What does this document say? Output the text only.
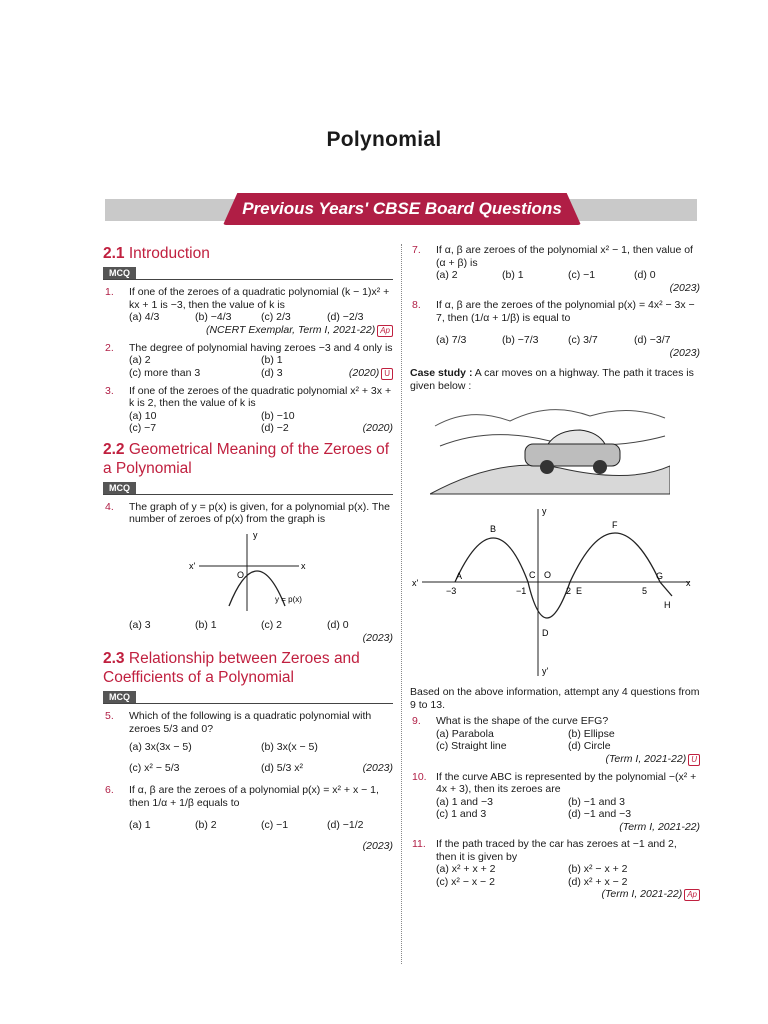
Polynomial
Previous Years' CBSE Board Questions
2.1 Introduction
MCQ
1. If one of the zeroes of a quadratic polynomial (k − 1)x² + kx + 1 is −3, then the value of k is
(a) 4/3	(b) −4/3	(c) 2/3	(d) −2/3
(NCERT Exemplar, Term I, 2021-22) Ap
2. The degree of polynomial having zeroes −3 and 4 only is
(a) 2	(b) 1
(c) more than 3	(d) 3	(2020) U
3. If one of the zeroes of the quadratic polynomial x² + 3x + k is 2, then the value of k is
(a) 10	(b) −10
(c) −7	(d) −2	(2020)
2.2 Geometrical Meaning of the Zeroes of a Polynomial
MCQ
4. The graph of y = p(x) is given, for a polynomial p(x). The number of zeroes of p(x) from the graph is
y
x
x'
O
y = p(x)
(a) 3	(b) 1	(c) 2	(d) 0
(2023)
2.3 Relationship between Zeroes and Coefficients of a Polynomial
MCQ
5. Which of the following is a quadratic polynomial with zeroes 5/3 and 0?
(a) 3x(3x − 5)	(b) 3x(x − 5)
(c) x² − 5/3	(d) 5/3 x²	(2023)
6. If α, β are the zeroes of a polynomial p(x) = x² + x − 1, then 1/α + 1/β equals to
(a) 1	(b) 2	(c) −1	(d) −1/2
(2023)
7. If α, β are zeroes of the polynomial x² − 1, then value of (α + β) is
(a) 2	(b) 1	(c) −1	(d) 0
(2023)
8. If α, β are the zeroes of the polynomial p(x) = 4x² − 3x − 7, then (1/α + 1/β) is equal to
(a) 7/3	(b) −7/3	(c) 3/7	(d) −3/7
(2023)
Case study : A car moves on a highway. The path it traces is given below :

y
x
x'
y'
A
B
C
D
E
F
G
H
O
−3	−1	2	5
Based on the above information, attempt any 4 questions from 9 to 13.
9. What is the shape of the curve EFG?
(a) Parabola	(b) Ellipse
(c) Straight line	(d) Circle
(Term I, 2021-22) U
10. If the curve ABC is represented by the polynomial −(x² + 4x + 3), then its zeroes are
(a) 1 and −3	(b) −1 and 3
(c) 1 and 3	(d) −1 and −3
(Term I, 2021-22)
11. If the path traced by the car has zeroes at −1 and 2, then it is given by
(a) x² + x + 2	(b) x² − x + 2
(c) x² − x − 2	(d) x² + x − 2
(Term I, 2021-22) Ap
